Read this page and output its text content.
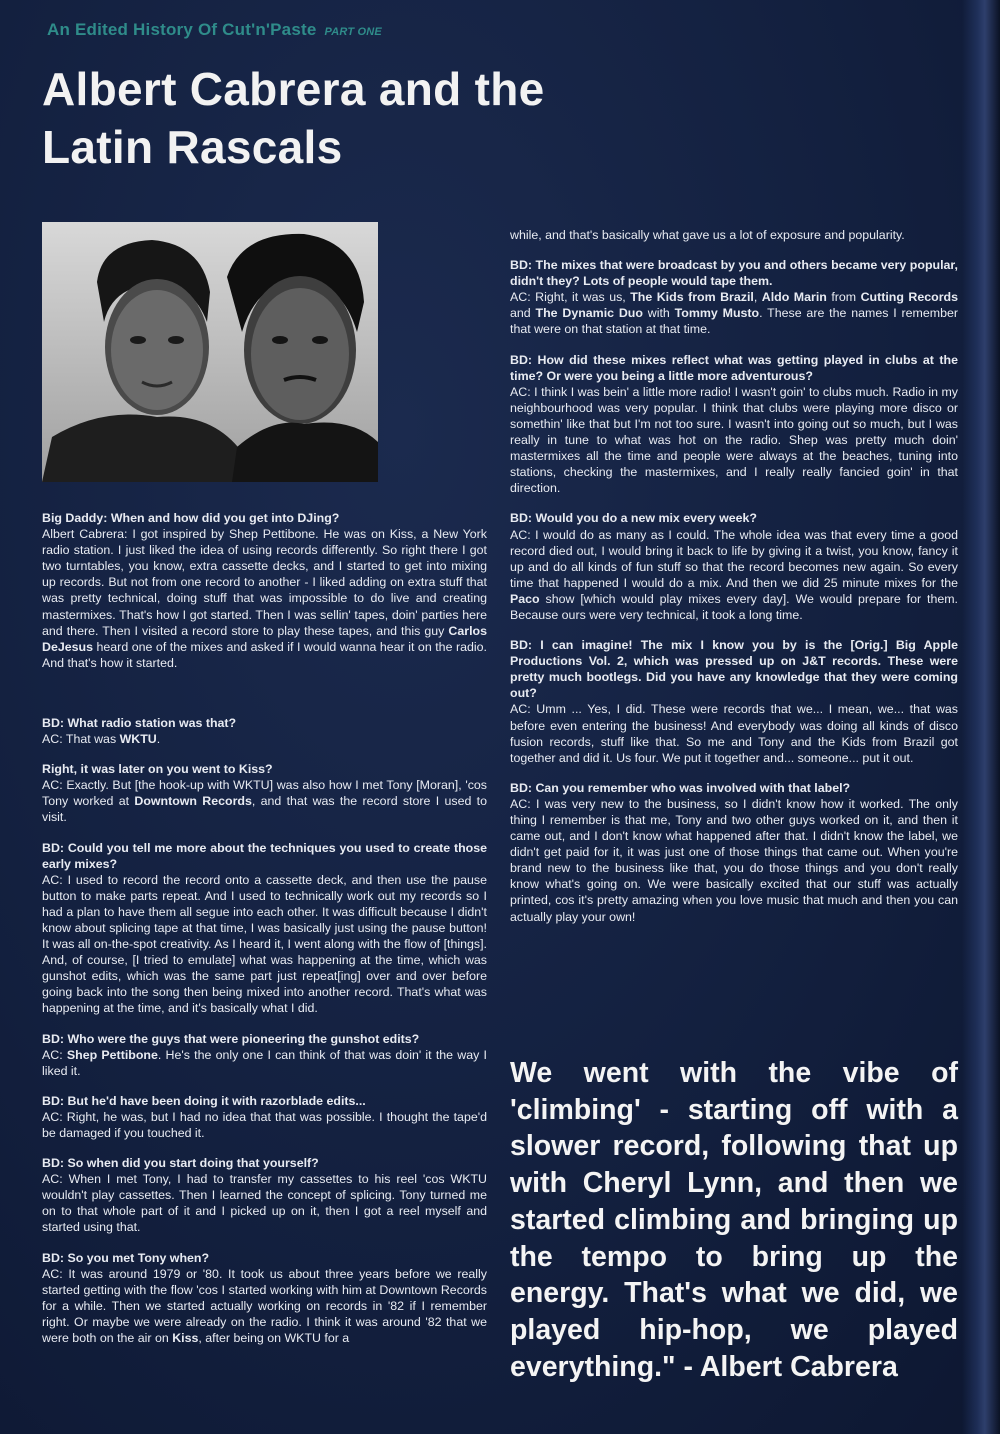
An Edited History Of Cut'n'Paste PART ONE
Albert Cabrera and the Latin Rascals
Big Daddy: When and how did you get into DJing?
Albert Cabrera: I got inspired by Shep Pettibone. He was on Kiss, a New York radio station. I just liked the idea of using records differently. So right there I got two turntables, you know, extra cassette decks, and I started to get into mixing up records. But not from one record to another - I liked adding on extra stuff that was pretty technical, doing stuff that was impossible to do live and creating mastermixes. That's how I got started. Then I was sellin' tapes, doin' parties here and there. Then I visited a record store to play these tapes, and this guy Carlos DeJesus heard one of the mixes and asked if I would wanna hear it on the radio. And that's how it started.
BD: What radio station was that?
AC: That was WKTU.
Right, it was later on you went to Kiss?
AC: Exactly. But [the hook-up with WKTU] was also how I met Tony [Moran], 'cos Tony worked at Downtown Records, and that was the record store I used to visit.
BD: Could you tell me more about the techniques you used to create those early mixes?
AC: I used to record the record onto a cassette deck, and then use the pause button to make parts repeat. And I used to technically work out my records so I had a plan to have them all segue into each other. It was difficult because I didn't know about splicing tape at that time, I was basically just using the pause button! It was all on-the-spot creativity. As I heard it, I went along with the flow of [things]. And, of course, [I tried to emulate] what was happening at the time, which was gunshot edits, which was the same part just repeat[ing] over and over before going back into the song then being mixed into another record. That's what was happening at the time, and it's basically what I did.
BD: Who were the guys that were pioneering the gunshot edits?
AC: Shep Pettibone. He's the only one I can think of that was doin' it the way I liked it.
BD: But he'd have been doing it with razorblade edits...
AC: Right, he was, but I had no idea that that was possible. I thought the tape'd be damaged if you touched it.
BD: So when did you start doing that yourself?
AC: When I met Tony, I had to transfer my cassettes to his reel 'cos WKTU wouldn't play cassettes. Then I learned the concept of splicing. Tony turned me on to that whole part of it and I picked up on it, then I got a reel myself and started using that.
BD: So you met Tony when?
AC: It was around 1979 or '80. It took us about three years before we really started getting with the flow 'cos I started working with him at Downtown Records for a while. Then we started actually working on records in '82 if I remember right. Or maybe we were already on the radio. I think it was around '82 that we were both on the air on Kiss, after being on WKTU for a
while, and that's basically what gave us a lot of exposure and popularity.
BD: The mixes that were broadcast by you and others became very popular, didn't they? Lots of people would tape them.
AC: Right, it was us, The Kids from Brazil, Aldo Marin from Cutting Records and The Dynamic Duo with Tommy Musto. These are the names I remember that were on that station at that time.
BD: How did these mixes reflect what was getting played in clubs at the time? Or were you being a little more adventurous?
AC: I think I was bein' a little more radio! I wasn't goin' to clubs much. Radio in my neighbourhood was very popular. I think that clubs were playing more disco or somethin' like that but I'm not too sure. I wasn't into going out so much, but I was really in tune to what was hot on the radio. Shep was pretty much doin' mastermixes all the time and people were always at the beaches, tuning into stations, checking the mastermixes, and I really really fancied goin' in that direction.
BD: Would you do a new mix every week?
AC: I would do as many as I could. The whole idea was that every time a good record died out, I would bring it back to life by giving it a twist, you know, fancy it up and do all kinds of fun stuff so that the record becomes new again. So every time that happened I would do a mix. And then we did 25 minute mixes for the Paco show [which would play mixes every day]. We would prepare for them. Because ours were very technical, it took a long time.
BD: I can imagine! The mix I know you by is the [Orig.] Big Apple Productions Vol. 2, which was pressed up on J&T records. These were pretty much bootlegs. Did you have any knowledge that they were coming out?
AC: Umm ... Yes, I did. These were records that we... I mean, we... that was before even entering the business! And everybody was doing all kinds of disco fusion records, stuff like that. So me and Tony and the Kids from Brazil got together and did it. Us four. We put it together and... someone... put it out.
BD: Can you remember who was involved with that label?
AC: I was very new to the business, so I didn't know how it worked. The only thing I remember is that me, Tony and two other guys worked on it, and then it came out, and I don't know what happened after that. I didn't know the label, we didn't get paid for it, it was just one of those things that came out. When you're brand new to the business like that, you do those things and you don't really know what's going on. We were basically excited that our stuff was actually printed, cos it's pretty amazing when you love music that much and then you can actually play your own!

We went with the vibe of 'climbing' - starting off with a slower record, following that up with Cheryl Lynn, and then we started climbing and bringing up the tempo to bring up the energy. That's what we did, we played hip-hop, we played everything." - Albert Cabrera
